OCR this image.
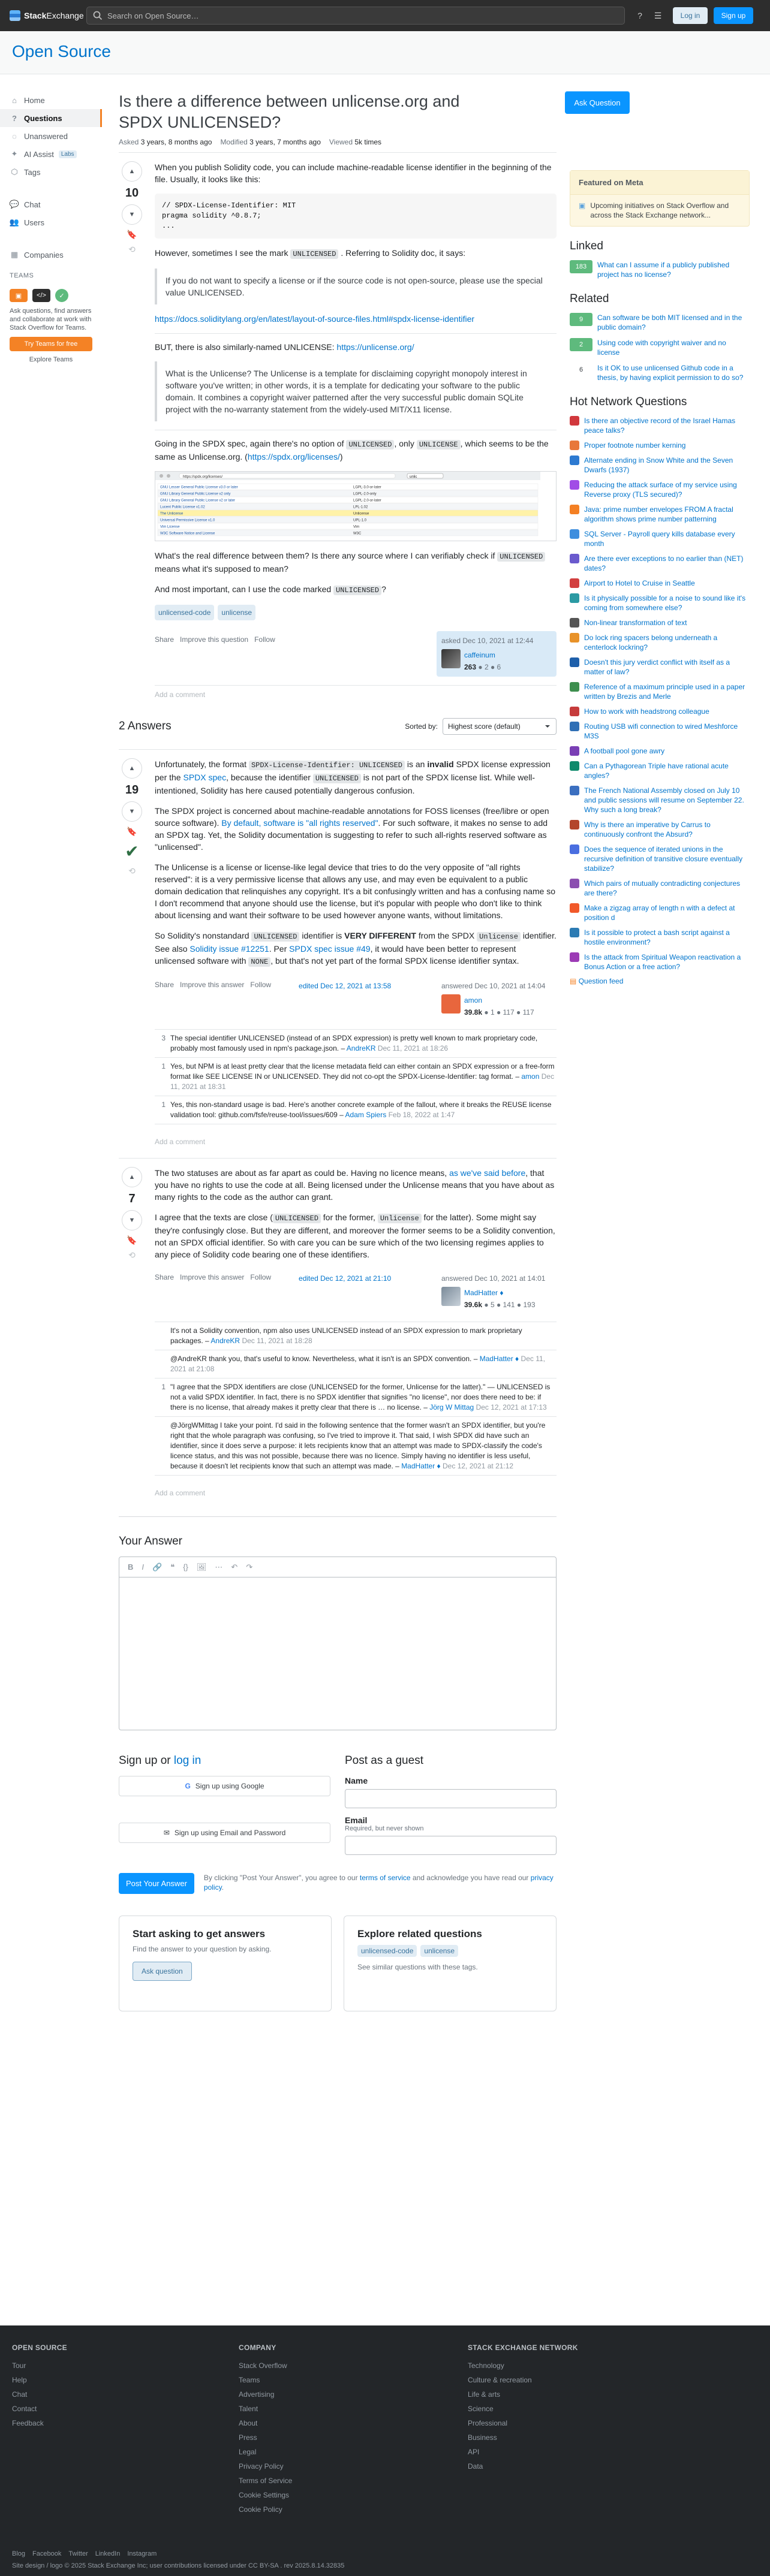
StackExchange	Search on Open Source…	?	☰	Log in	Sign up
Open Source
⌂ Home
? Questions
◌ Unanswered
✦ AI Assist	Labs
⬡ Tags
💬 Chat
👥 Users
▦ Companies
TEAMS
▣	</>	✓

Ask questions, find answers and collaborate at work with Stack Overflow for Teams.

Try Teams for free
Explore Teams
Ask Question
Is there a difference between unlicense.org and SPDX UNLICENSED?
Asked 3 years, 8 months ago Modified 3 years, 7 months ago Viewed 5k times
▲
10
▼
🔖
⟲

When you publish Solidity code, you can include machine-readable license identifier in the beginning of the file. Usually, it looks like this:

// SPDX-License-Identifier: MIT
pragma solidity ^0.8.7;
...

However, sometimes I see the mark UNLICENSED . Referring to Solidity doc, it says:

If you do not want to specify a license or if the source code is not open-source, please use the special value UNLICENSED.

https://docs.soliditylang.org/en/latest/layout-of-source-files.html#spdx-license-identifier

BUT, there is also similarly-named UNLICENSE: https://unlicense.org/

What is the Unlicense? The Unlicense is a template for disclaiming copyright monopoly interest in software you've written; in other words, it is a template for dedicating your software to the public domain. It combines a copyright waiver patterned after the very successful public domain SQLite project with the no-warranty statement from the widely-used MIT/X11 license.

Going in the SPDX spec, again there's no option of UNLICENSED , only UNLICENSE , which seems to be the same as Unlicense.org. (https://spdx.org/licenses/)

https://spdx.org/licenses/	unlic
GNU Lesser General Public License v3.0 or later	LGPL-3.0-or-later
GNU Library General Public License v2 only	LGPL-2.0-only
GNU Library General Public License v2 or later	LGPL-2.0-or-later
Lucent Public License v1.02	LPL-1.02
The Unlicense	Unlicense
Universal Permissive License v1.0	UPL-1.0
Vim License	Vim
W3C Software Notice and License	W3C

What's the real difference between them? Is there any source where I can verifiably check if UNLICENSED means what it's supposed to mean?

And most important, can I use the code marked UNLICENSED ?

unlicensed-code	unlicense
Share Improve this question Follow	asked Dec 10, 2021 at 12:44
caffeinum
263 ● 2 ● 6
Add a comment
2 Answers	Sorted by:	Highest score (default)
▲
19
▼
🔖
✔
⟲

Unfortunately, the format SPDX-License-Identifier: UNLICENSED is an invalid SPDX license expression per the SPDX spec, because the identifier UNLICENSED is not part of the SPDX license list. While well-intentioned, Solidity has here caused potentially dangerous confusion.

The SPDX project is concerned about machine-readable annotations for FOSS licenses (free/libre or open source software). By default, software is "all rights reserved". For such software, it makes no sense to add an SPDX tag. Yet, the Solidity documentation is suggesting to refer to such all-rights reserved software as "unlicensed".

The Unlicense is a license or license-like legal device that tries to do the very opposite of "all rights reserved": it is a very permissive license that allows any use, and may even be equivalent to a public domain dedication that relinquishes any copyright. It's a bit confusingly written and has a confusing name so I don't recommend that anyone should use the license, but it's popular with people who don't like to think about licensing and want their software to be used however anyone wants, without limitations.

So Solidity's nonstandard UNLICENSED identifier is VERY DIFFERENT from the SPDX Unlicense identifier. See also Solidity issue #12251. Per SPDX spec issue #49, it would have been better to represent unlicensed software with NONE , but that's not yet part of the formal SPDX license identifier syntax.

Share Improve this answer Follow	edited Dec 12, 2021 at 13:58	answered Dec 10, 2021 at 14:04
amon
39.8k ● 1 ● 117 ● 117
3 The special identifier UNLICENSED (instead of an SPDX expression) is pretty well known to mark proprietary code, probably most famously used in npm's package.json. – AndreKR Dec 11, 2021 at 18:26
1 Yes, but NPM is at least pretty clear that the license metadata field can either contain an SPDX expression or a free-form format like SEE LICENSE IN or UNLICENSED. They did not co-opt the SPDX-License-Identifier: tag format. – amon Dec 11, 2021 at 18:31
1 Yes, this non-standard usage is bad. Here's another concrete example of the fallout, where it breaks the REUSE license validation tool: github.com/fsfe/reuse-tool/issues/609 – Adam Spiers Feb 18, 2022 at 1:47
Add a comment
▲
7
▼
🔖
⟲

The two statuses are about as far apart as could be. Having no licence means, as we've said before, that you have no rights to use the code at all. Being licensed under the Unlicense means that you have about as many rights to the code as the author can grant.

I agree that the texts are close ( UNLICENSED for the former, Unlicense for the latter). Some might say they're confusingly close. But they are different, and moreover the former seems to be a Solidity convention, not an SPDX official identifier. So with care you can be sure which of the two licensing regimes applies to any piece of Solidity code bearing one of these identifiers.

Share Improve this answer Follow	edited Dec 12, 2021 at 21:10	answered Dec 10, 2021 at 14:01
MadHatter ♦
39.6k ● 5 ● 141 ● 193
It's not a Solidity convention, npm also uses UNLICENSED instead of an SPDX expression to mark proprietary packages. – AndreKR Dec 11, 2021 at 18:28
@AndreKR thank you, that's useful to know. Nevertheless, what it isn't is an SPDX convention. – MadHatter ♦ Dec 11, 2021 at 21:08
1 "I agree that the SPDX identifiers are close (UNLICENSED for the former, Unlicense for the latter)." — UNLICENSED is not a valid SPDX identifier. In fact, there is no SPDX identifier that signifies "no license", nor does there need to be: if there is no license, that already makes it pretty clear that there is … no license. – Jörg W Mittag Dec 12, 2021 at 17:13
@JörgWMittag I take your point. I'd said in the following sentence that the former wasn't an SPDX identifier, but you're right that the whole paragraph was confusing, so I've tried to improve it. That said, I wish SPDX did have such an identifier, since it does serve a purpose: it lets recipients know that an attempt was made to SPDX-classify the code's licence status, and this was not possible, because there was no licence. Simply having no identifier is less useful, because it doesn't let recipients know that such an attempt was made. – MadHatter ♦ Dec 12, 2021 at 21:12
Add a comment
Your Answer
B I 🔗 ❝ {} 🖼 ⋯ ↶ ↷
Sign up or log in
G Sign up using Google
✉ Sign up using Email and Password
Post as a guest
Name
Email
Required, but never shown
Post Your Answer
By clicking "Post Your Answer", you agree to our terms of service and acknowledge you have read our privacy policy.
Start asking to get answers

Find the answer to your question by asking.

Ask question
Explore related questions
unlicensed-code	unlicense

See similar questions with these tags.

Featured on Meta
▣ Upcoming initiatives on Stack Overflow and across the Stack Exchange network...
Linked
183	What can I assume if a publicly published project has no license?
Related
9	Can software be both MIT licensed and in the public domain?
2	Using code with copyright waiver and no license
6	Is it OK to use unlicensed Github code in a thesis, by having explicit permission to do so?
Hot Network Questions
Is there an objective record of the Israel Hamas peace talks?
Proper footnote number kerning
Alternate ending in Snow White and the Seven Dwarfs (1937)
Reducing the attack surface of my service using Reverse proxy (TLS secured)?
Java: prime number envelopes FROM A fractal algorithm shows prime number patterning
SQL Server - Payroll query kills database every month
Are there ever exceptions to no earlier than (NET) dates?
Airport to Hotel to Cruise in Seattle
Is it physically possible for a noise to sound like it's coming from somewhere else?
Non-linear transformation of text
Do lock ring spacers belong underneath a centerlock lockring?
Doesn't this jury verdict conflict with itself as a matter of law?
Reference of a maximum principle used in a paper written by Brezis and Merle
How to work with headstrong colleague
Routing USB wifi connection to wired Meshforce M3S
A football pool gone awry
Can a Pythagorean Triple have rational acute angles?
The French National Assembly closed on July 10 and public sessions will resume on September 22. Why such a long break?
Why is there an imperative by Carrus to continuously confront the Absurd?
Does the sequence of iterated unions in the recursive definition of transitive closure eventually stabilize?
Which pairs of mutually contradicting conjectures are there?
Make a zigzag array of length n with a defect at position d
Is it possible to protect a bash script against a hostile environment?
Is the attack from Spiritual Weapon reactivation a Bonus Action or a free action?
▤ Question feed
OPEN SOURCE
Tour
Help
Chat
Contact
Feedback
COMPANY
Stack Overflow
Teams
Advertising
Talent
About
Press
Legal
Privacy Policy
Terms of Service
Cookie Settings
Cookie Policy
STACK EXCHANGE NETWORK
Technology
Culture & recreation
Life & arts
Science
Professional
Business
API
Data
Blog Facebook Twitter LinkedIn Instagram
Site design / logo © 2025 Stack Exchange Inc; user contributions licensed under CC BY-SA . rev 2025.8.14.32835
